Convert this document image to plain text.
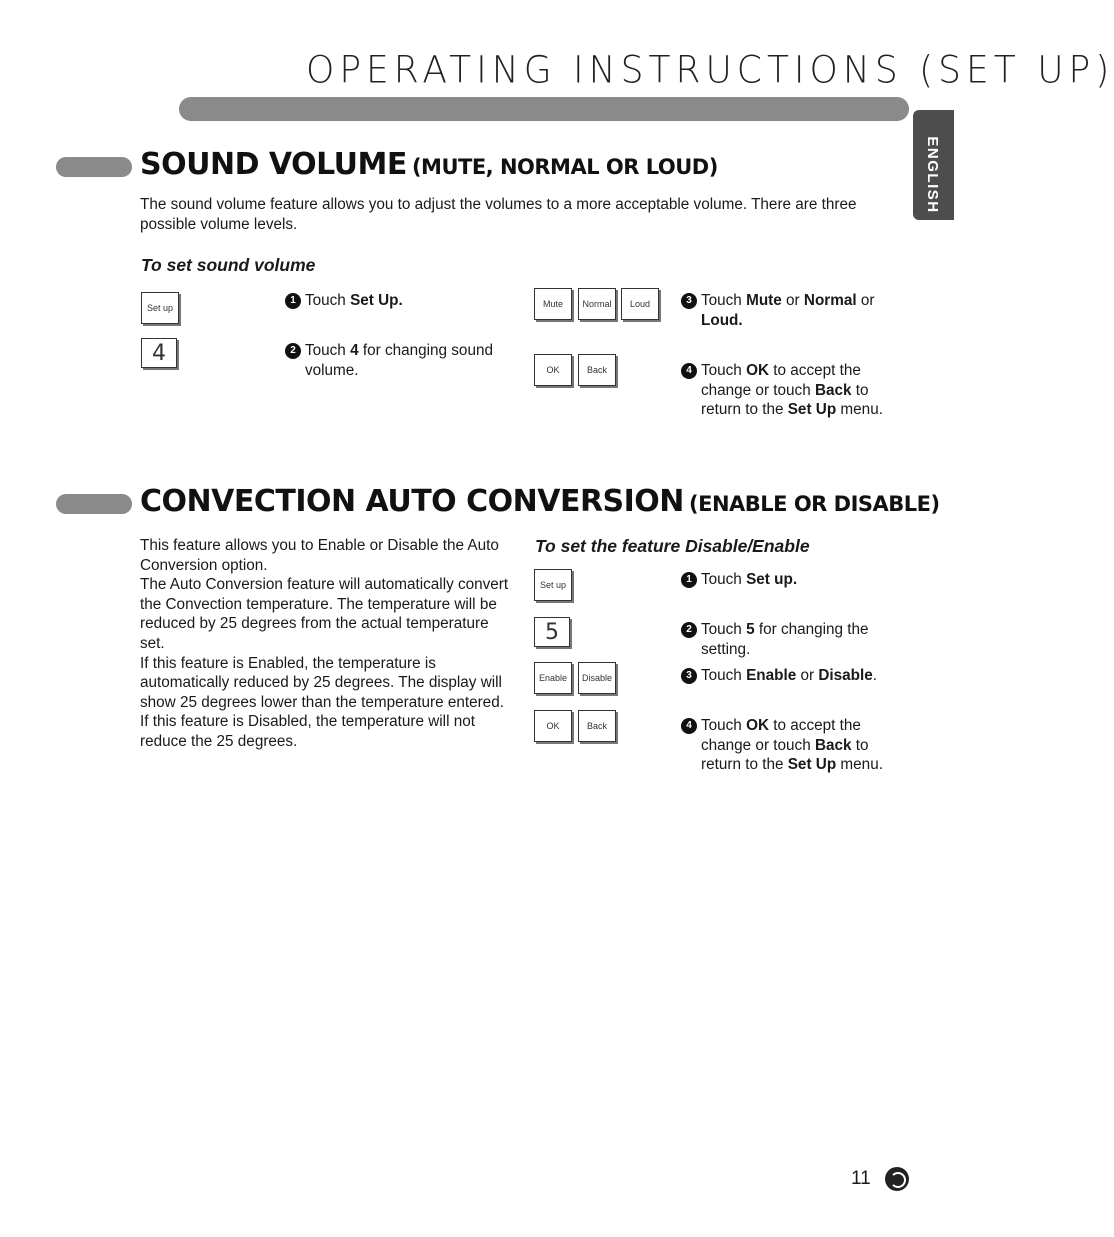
OPERATING INSTRUCTIONS (SET UP)
ENGLISH
SOUND VOLUME (MUTE, NORMAL OR LOUD)
The sound volume feature allows you to adjust the volumes to a more acceptable volume. There are three possible volume levels.
To set sound volume
Set up
4
Mute	Normal	Loud
OK	Back
1 Touch Set Up.
2 Touch 4 for changing sound volume.
3 Touch Mute or Normal or Loud.
4 Touch OK to accept the change or touch Back to return to the Set Up menu.
CONVECTION AUTO CONVERSION (ENABLE OR DISABLE)
This feature allows you to Enable or Disable the Auto Conversion option.
The Auto Conversion feature will automatically convert the Convection temperature. The temperature will be reduced by 25 degrees from the actual temperature set.
If this feature is Enabled, the temperature is automatically reduced by 25 degrees. The display will show 25 degrees lower than the temperature entered.
If this feature is Disabled, the temperature will not reduce the 25 degrees.
To set the feature Disable/Enable
Set up
5
Enable	Disable
OK	Back
1 Touch Set up.
2 Touch 5 for changing the setting.
3 Touch Enable or Disable.
4 Touch OK to accept the change or touch Back to return to the Set Up menu.
11
